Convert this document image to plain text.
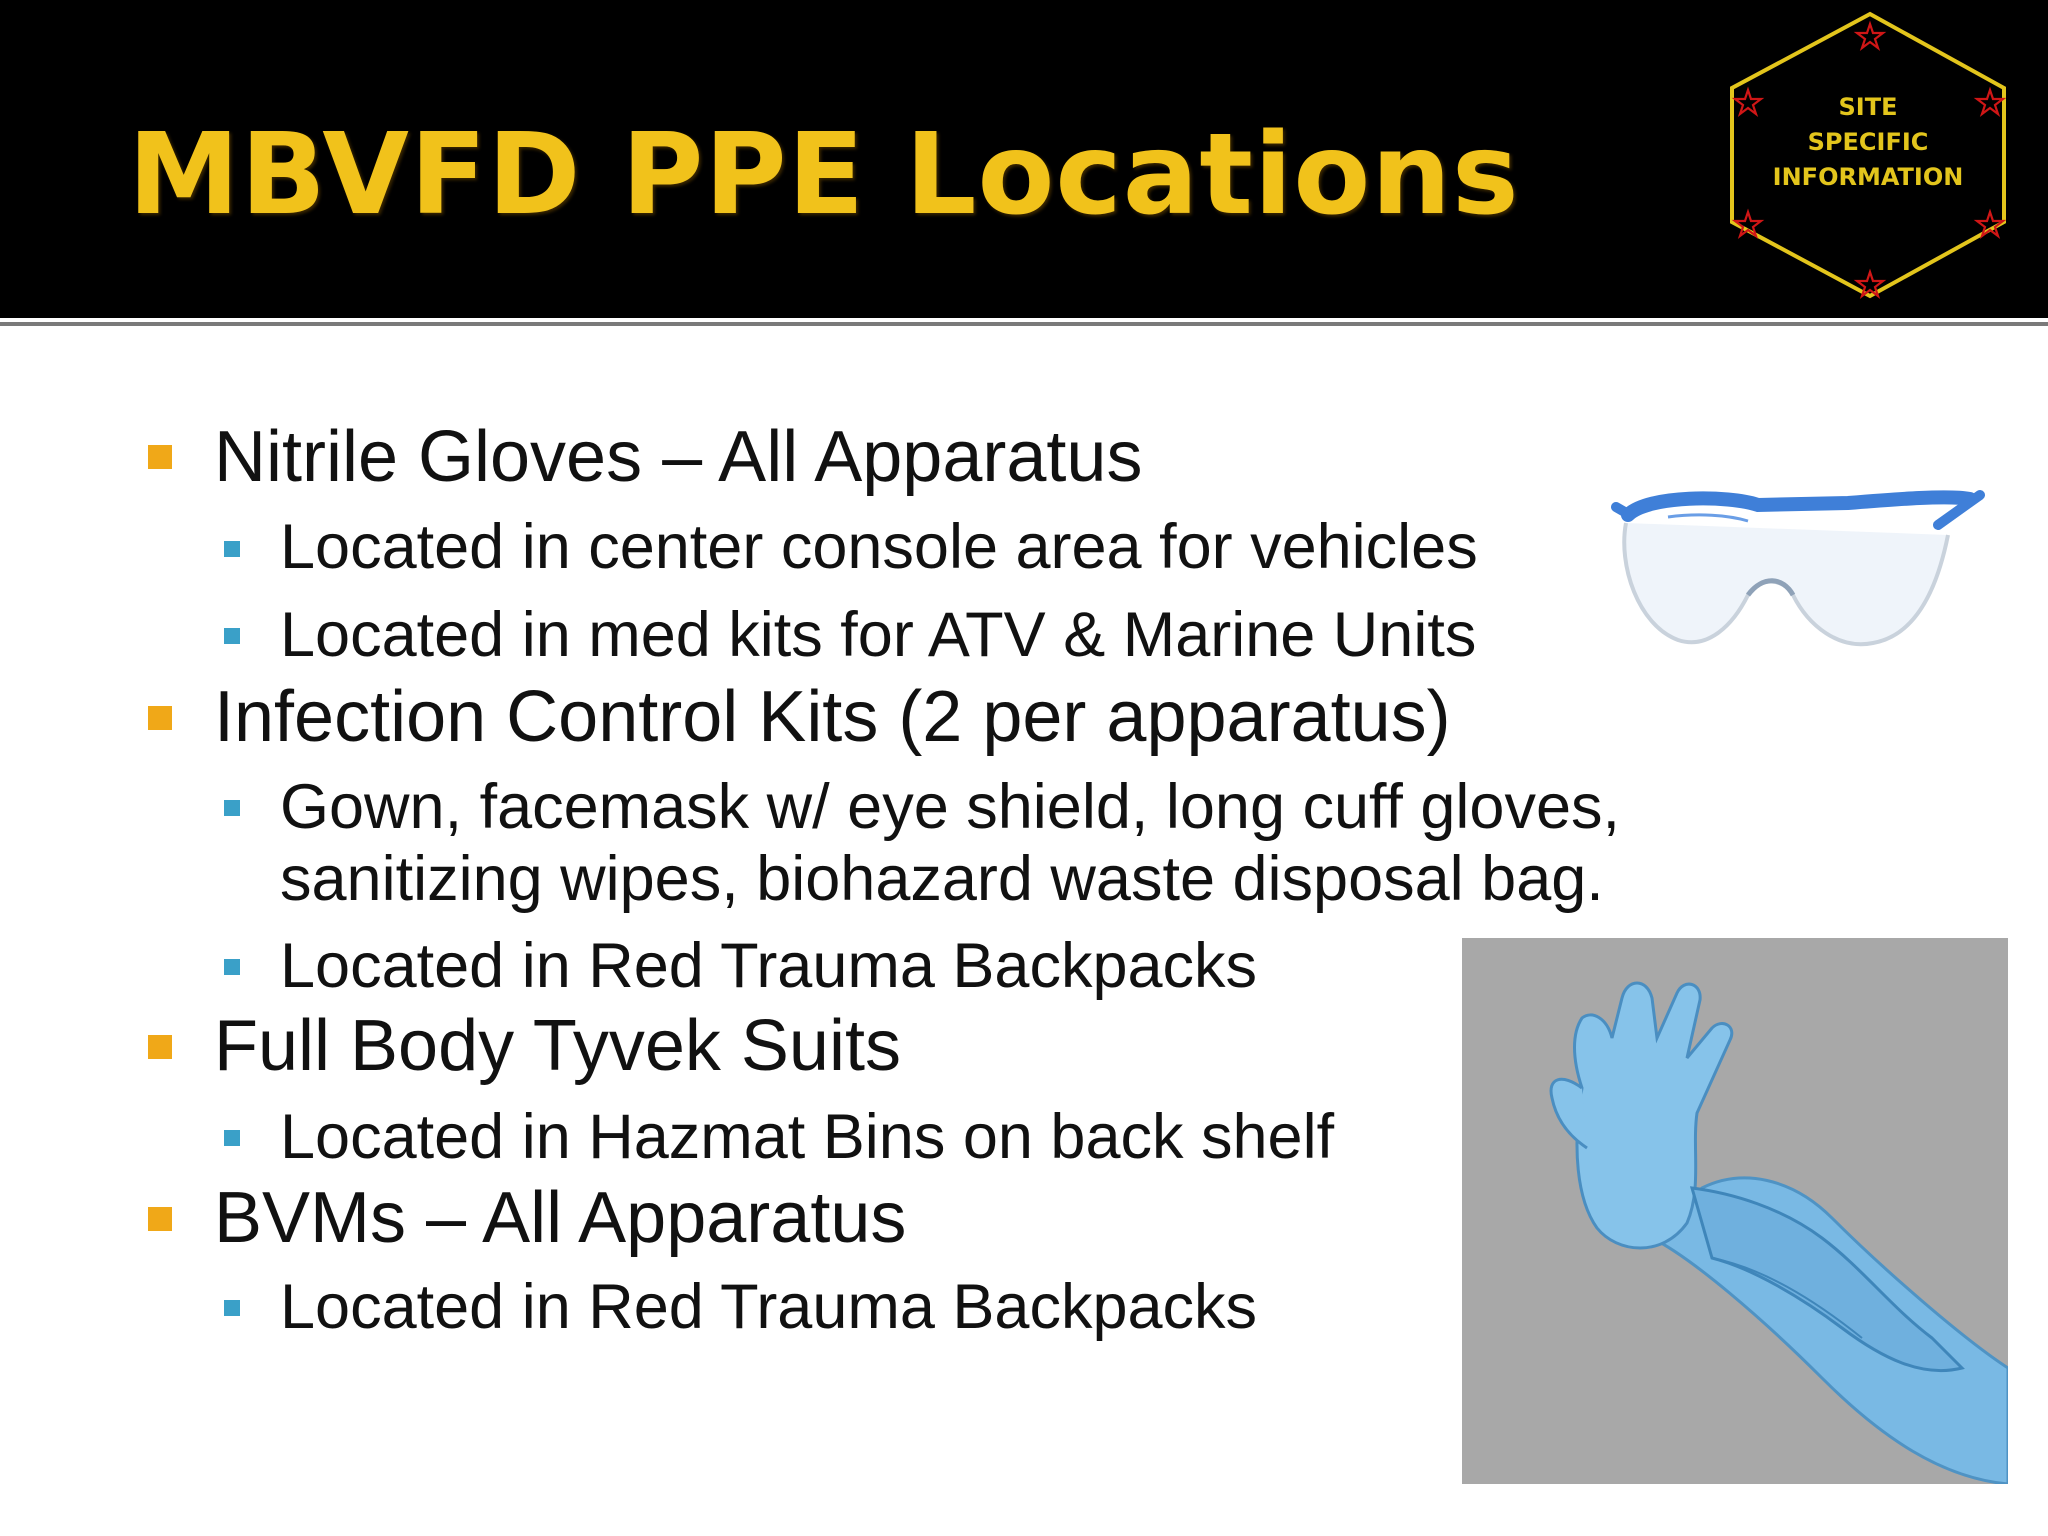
MBVFD PPE Locations
SITE
SPECIFIC
INFORMATION
Nitrile Gloves – All Apparatus
Located in center console area for vehicles
Located in med kits for ATV & Marine Units
Infection Control Kits (2 per apparatus)
Gown, facemask w/ eye shield, long cuff gloves,
sanitizing wipes, biohazard waste disposal bag.
Located in Red Trauma Backpacks
Full Body Tyvek Suits
Located in Hazmat Bins on back shelf
BVMs – All Apparatus
Located in Red Trauma Backpacks
